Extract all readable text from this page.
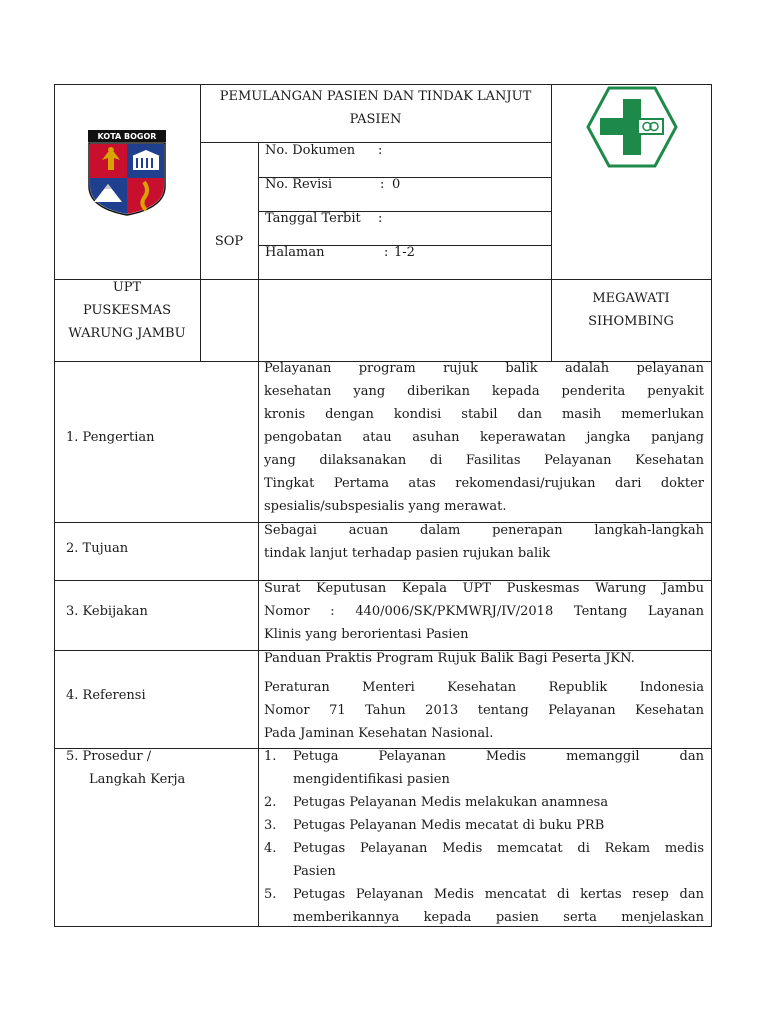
KOTA BOGOR
PEMULANGAN PASIEN DAN TINDAK LANJUT
PASIEN
SOP
No. Dokumen :
No. Revisi	: 0
Tanggal Terbit :
Halaman	: 1-2
UPT
PUSKESMAS
WARUNG JAMBU
MEGAWATI
SIHOMBING
1. Pengertian
Pelayanan program rujuk balik adalah pelayanan
kesehatan yang diberikan kepada penderita penyakit
kronis dengan kondisi stabil dan masih memerlukan
pengobatan atau asuhan keperawatan jangka panjang
yang dilaksanakan di Fasilitas Pelayanan Kesehatan
Tingkat Pertama atas rekomendasi/rujukan dari dokter
spesialis/subspesialis yang merawat.
2. Tujuan
Sebagai acuan dalam penerapan langkah-langkah
tindak lanjut terhadap pasien rujukan balik
3. Kebijakan
Surat Keputusan Kepala UPT Puskesmas Warung Jambu
Nomor : 440/006/SK/PKMWRJ/IV/2018 Tentang Layanan
Klinis yang berorientasi Pasien
4. Referensi
Panduan Praktis Program Rujuk Balik Bagi Peserta JKN.
Peraturan Menteri Kesehatan Republik Indonesia
Nomor 71 Tahun 2013 tentang Pelayanan Kesehatan
Pada Jaminan Kesehatan Nasional.
5. Prosedur /
Langkah Kerja
1. Petuga Pelayanan Medis memanggil dan
mengidentifikasi pasien
2. Petugas Pelayanan Medis melakukan anamnesa
3. Petugas Pelayanan Medis mecatat di buku PRB
4. Petugas Pelayanan Medis memcatat di Rekam medis
Pasien
5. Petugas Pelayanan Medis mencatat di kertas resep dan
memberikannya kepada pasien serta menjelaskan
